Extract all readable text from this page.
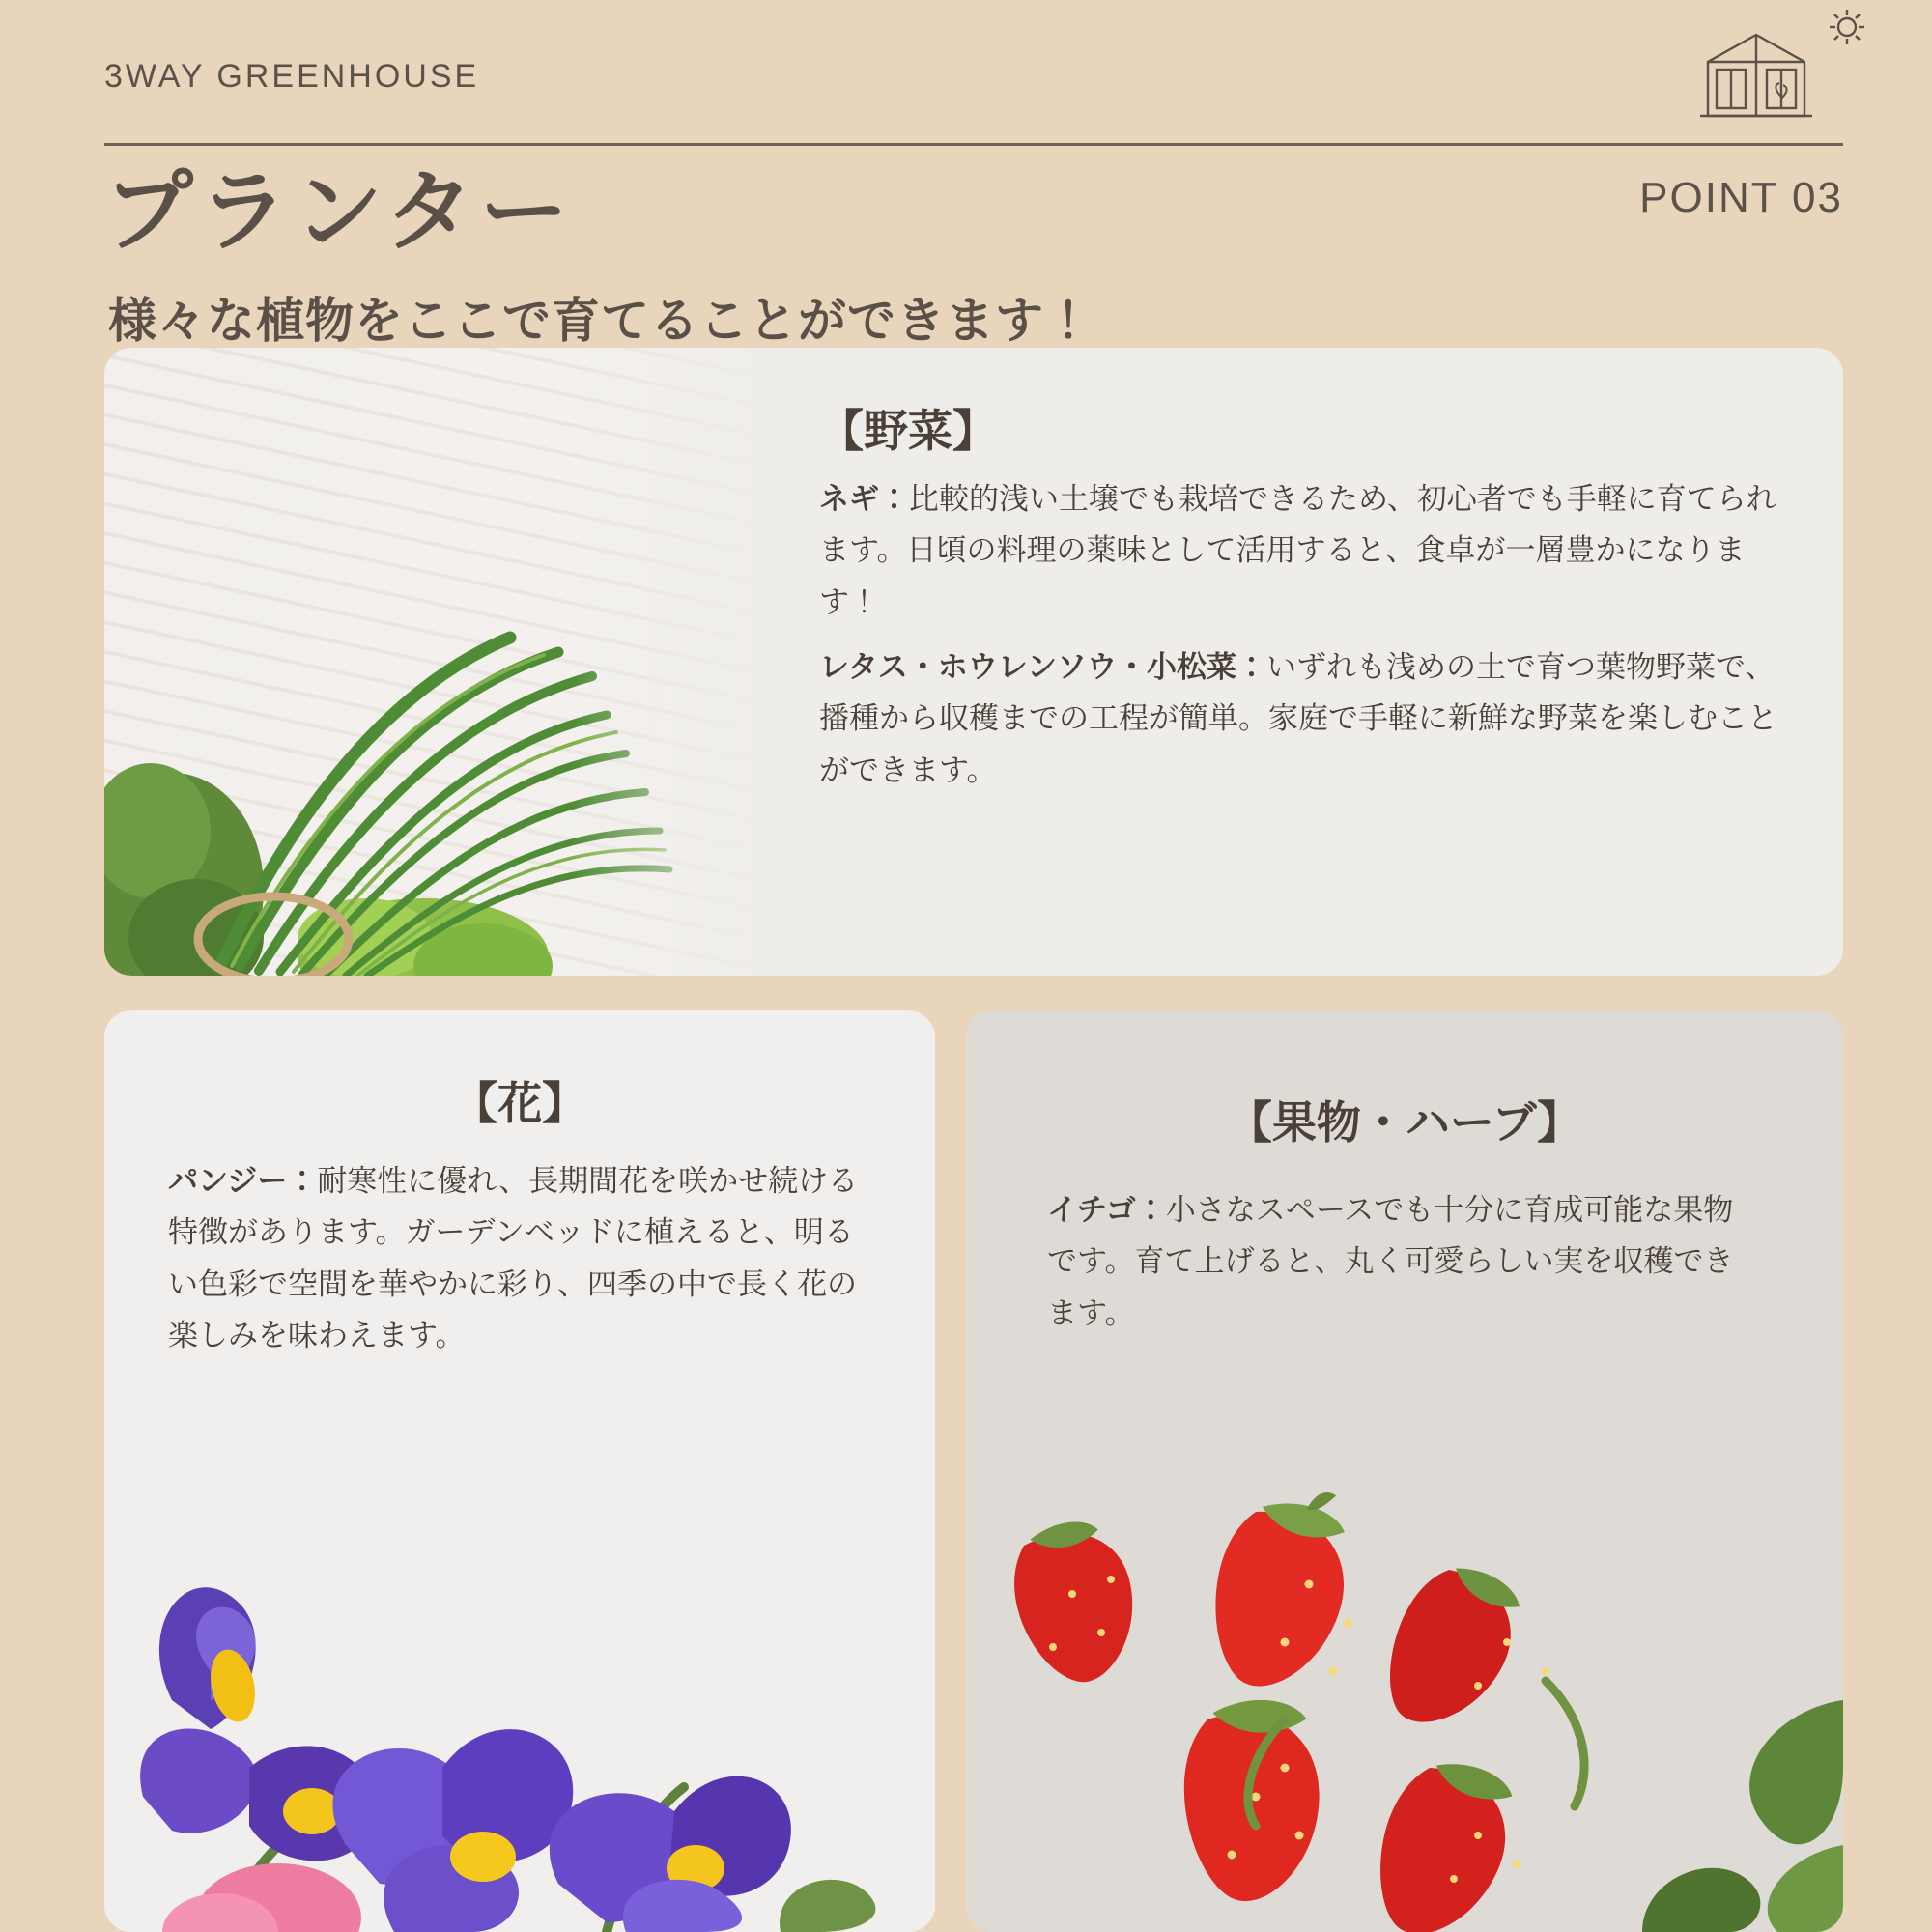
3WAY GREENHOUSE
プランター
様々な植物をここで育てることができます！
POINT 03
【野菜】

ネギ：比較的浅い土壌でも栽培できるため、初心者でも手軽に育てられます。日頃の料理の薬味として活用すると、食卓が一層豊かになります！

レタス・ホウレンソウ・小松菜：いずれも浅めの土で育つ葉物野菜で、播種から収穫までの工程が簡単。家庭で手軽に新鮮な野菜を楽しむことができます。

【花】

パンジー：耐寒性に優れ、長期間花を咲かせ続ける特徴があります。ガーデンベッドに植えると、明るい色彩で空間を華やかに彩り、四季の中で長く花の楽しみを味わえます。

【果物・ハーブ】

イチゴ：小さなスペースでも十分に育成可能な果物です。育て上げると、丸く可愛らしい実を収穫できます。
